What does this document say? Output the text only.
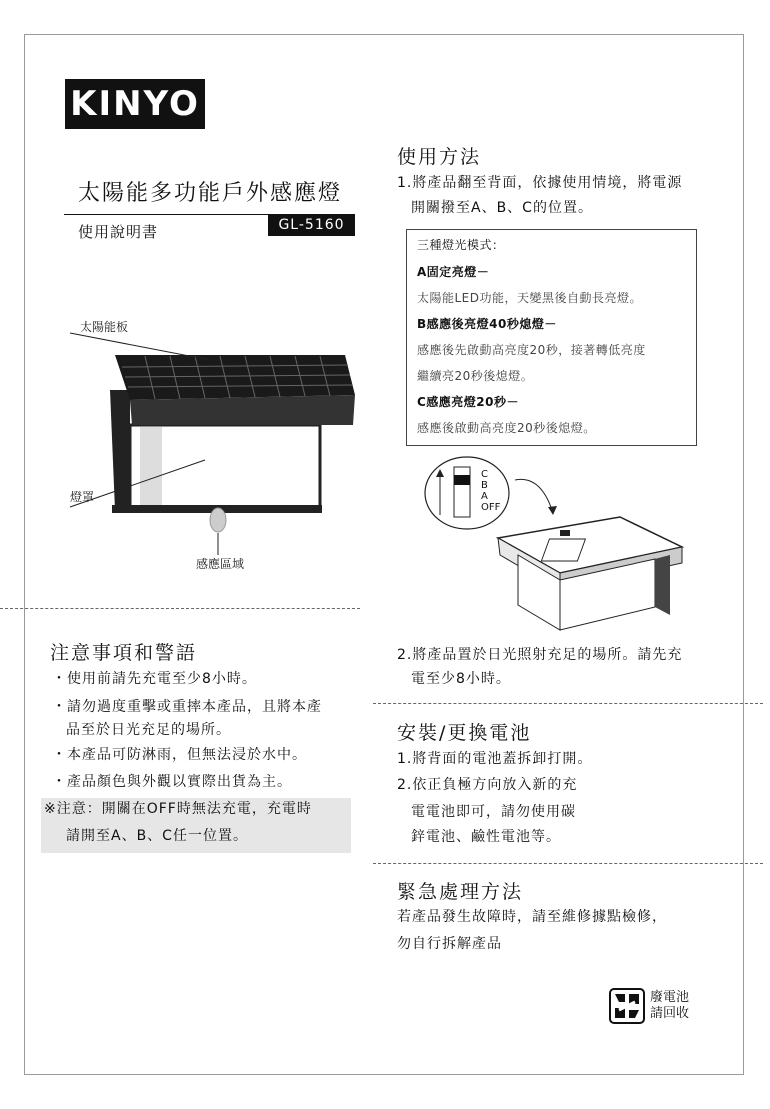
KINYO
太陽能多功能戶外感應燈
使用說明書	GL-5160
太陽能板
燈罩
感應區域
注意事項和警語
・使用前請先充電至少8小時。
・請勿過度重擊或重摔本產品，且將本產
品至於日光充足的場所。
・本產品可防淋雨，但無法浸於水中。
・產品顏色與外觀以實際出貨為主。
※注意：開關在OFF時無法充電，充電時
請開至A、B、C任一位置。
使用方法
1.將產品翻至背面，依據使用情境，將電源
開關撥至A、B、C的位置。
三種燈光模式：
A固定亮燈－
太陽能LED功能，天變黑後自動長亮燈。
B感應後亮燈40秒熄燈－
感應後先啟動高亮度20秒，接著轉低亮度
繼續亮20秒後熄燈。
C感應亮燈20秒－
感應後啟動高亮度20秒後熄燈。
C
B
A
OFF
2.將產品置於日光照射充足的場所。請先充
電至少8小時。
安裝/更換電池
1.將背面的電池蓋拆卸打開。
2.依正負極方向放入新的充
電電池即可，請勿使用碳
鋅電池、鹼性電池等。
緊急處理方法
若產品發生故障時，請至維修據點檢修，
勿自行拆解產品
廢電池
請回收
